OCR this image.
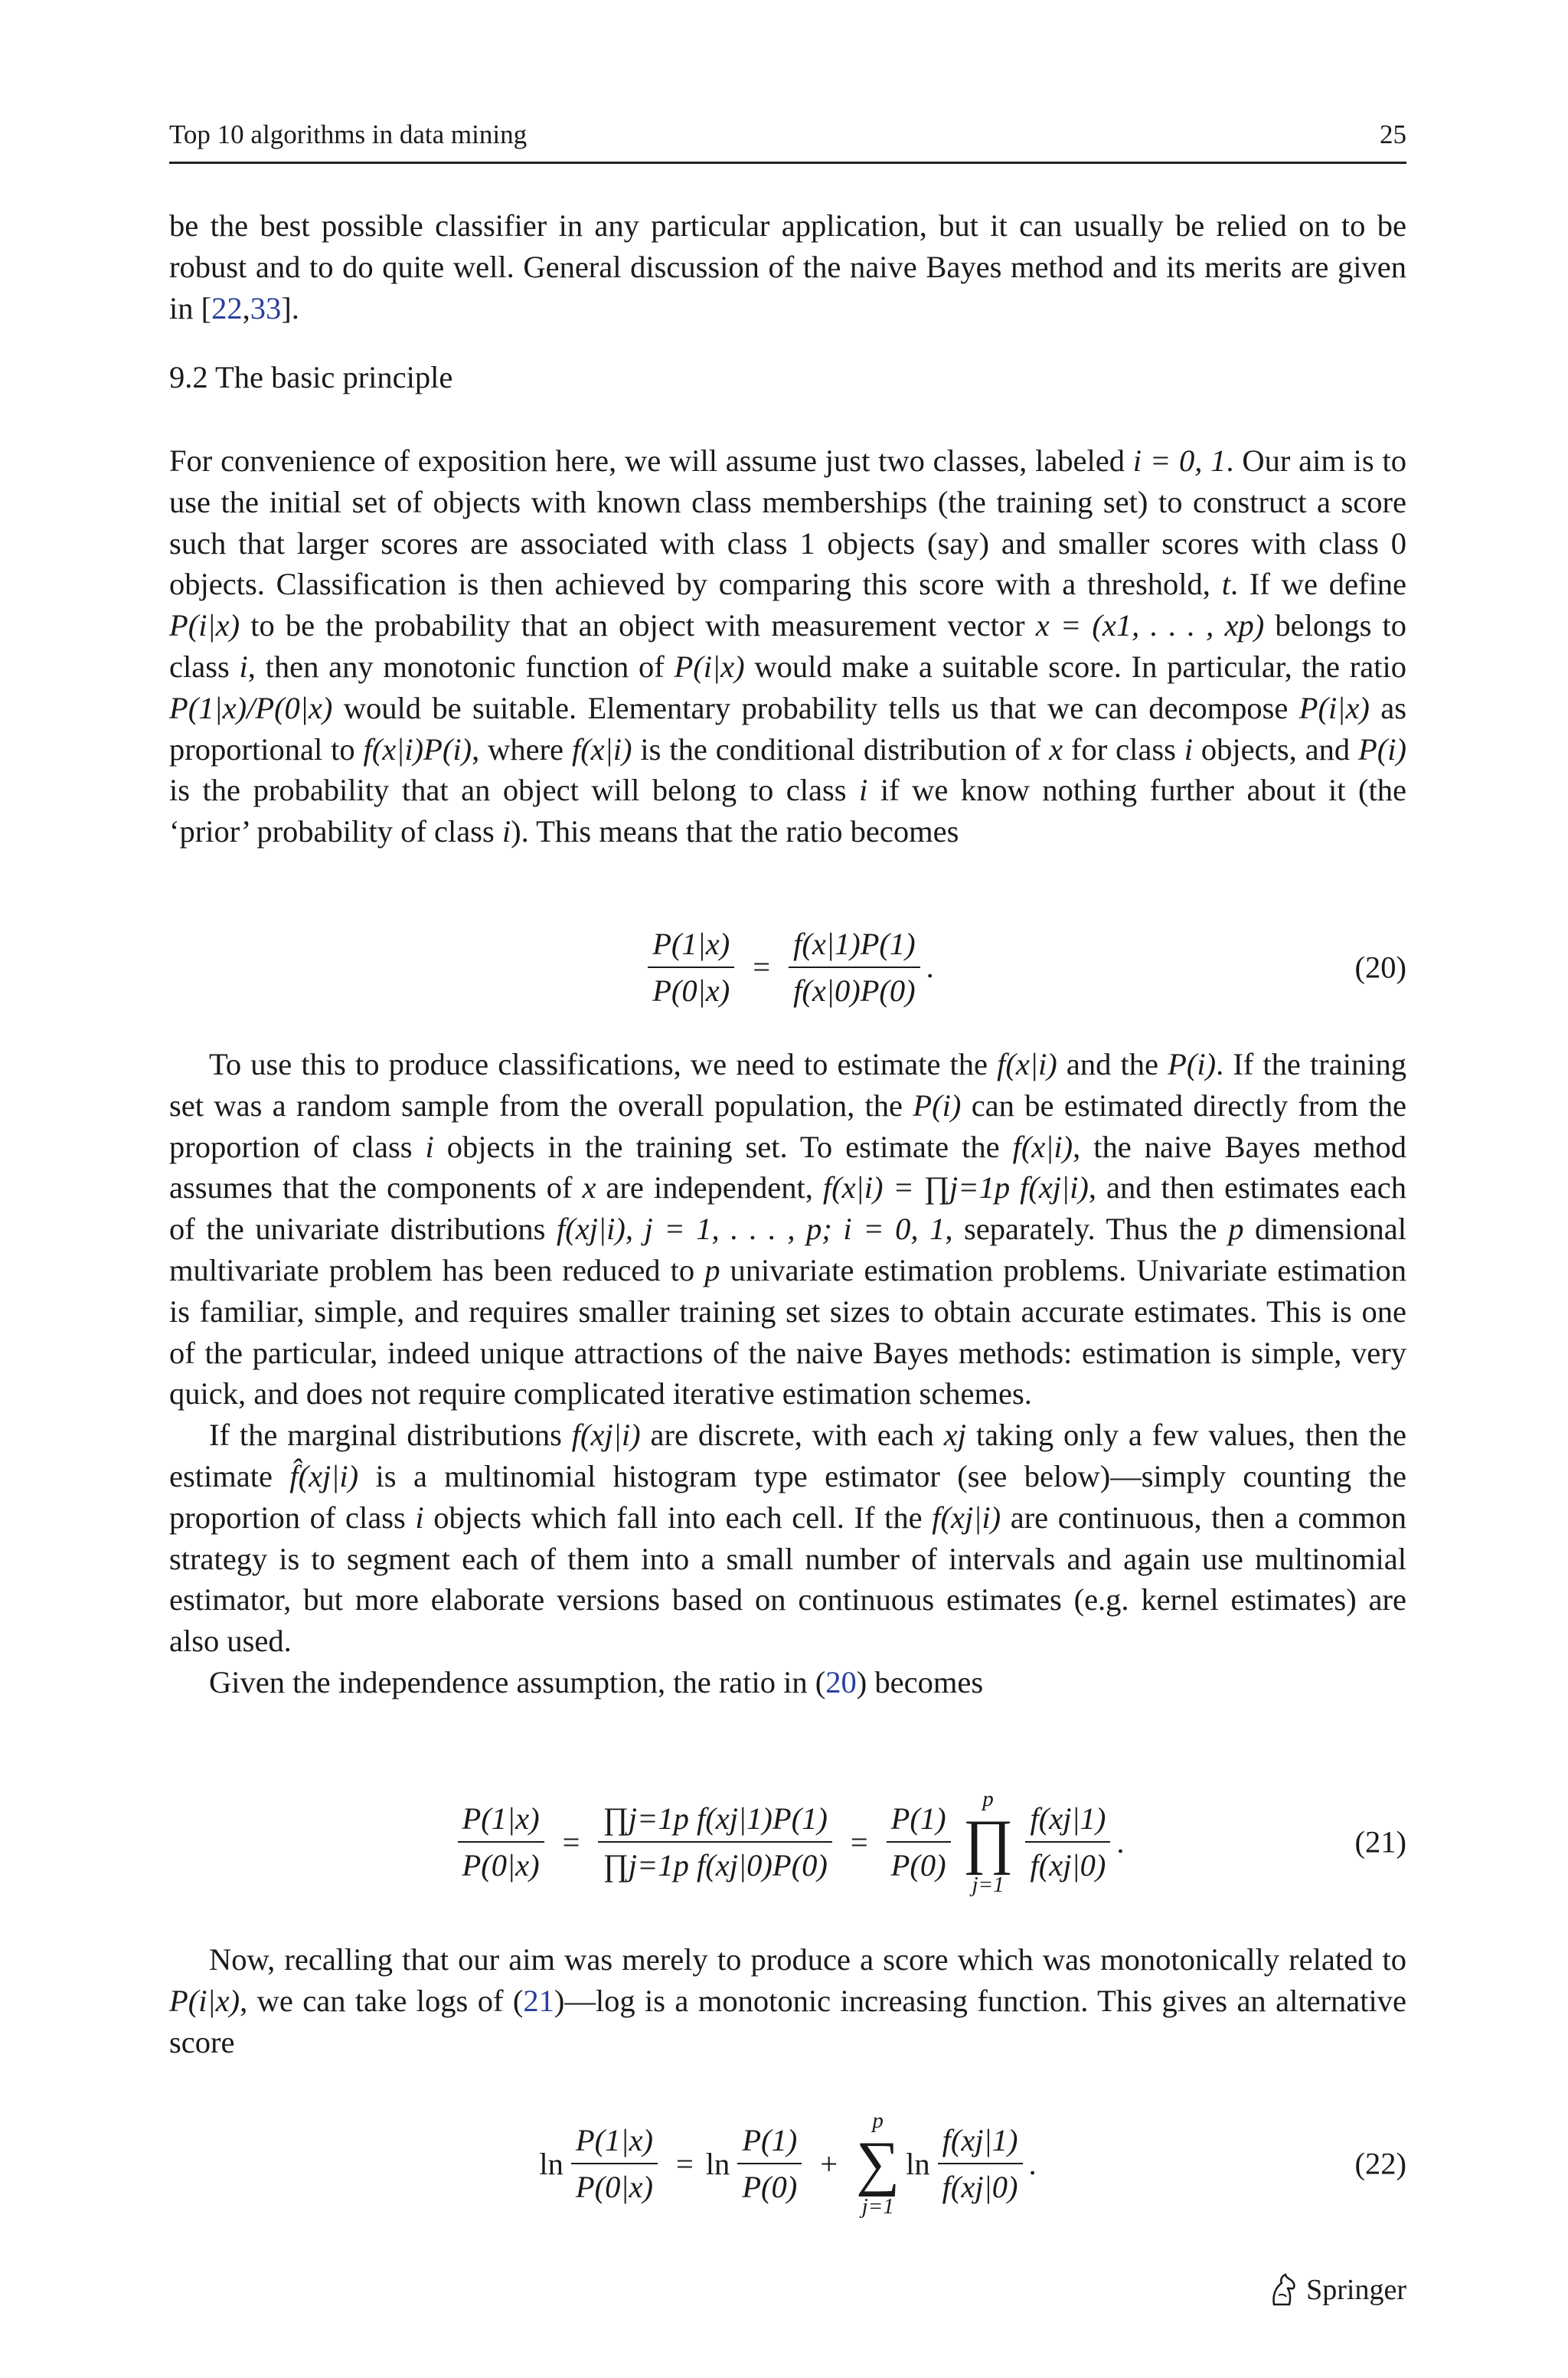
Top 10 algorithms in data mining	25

be the best possible classifier in any particular application, but it can usually be relied on to be robust and to do quite well. General discussion of the naive Bayes method and its merits are given in [22,33].

9.2 The basic principle

For convenience of exposition here, we will assume just two classes, labeled i = 0, 1. Our aim is to use the initial set of objects with known class memberships (the training set) to construct a score such that larger scores are associated with class 1 objects (say) and smaller scores with class 0 objects. Classification is then achieved by comparing this score with a threshold, t. If we define P(i|x) to be the probability that an object with measurement vector x = (x1, . . . , xp) belongs to class i, then any monotonic function of P(i|x) would make a suitable score. In particular, the ratio P(1|x)/P(0|x) would be suitable. Elementary probability tells us that we can decompose P(i|x) as proportional to f(x|i)P(i), where f(x|i) is the conditional distribution of x for class i objects, and P(i) is the probability that an object will belong to class i if we know nothing further about it (the ‘prior’ probability of class i). This means that the ratio becomes

$\frac{P(1|x)}{P(0|x)} = \frac{f(x|1)P(1)}{f(x|0)P(0)}$ .	(20)

To use this to produce classifications, we need to estimate the f(x|i) and the P(i). If the training set was a random sample from the overall population, the P(i) can be estimated directly from the proportion of class i objects in the training set. To estimate the f(x|i), the naive Bayes method assumes that the components of x are independent, f(x|i) = ∏j=1p f(xj|i), and then estimates each of the univariate distributions f(xj|i), j = 1, . . . , p; i = 0, 1, separately. Thus the p dimensional multivariate problem has been reduced to p univariate estimation problems. Univariate estimation is familiar, simple, and requires smaller training set sizes to obtain accurate estimates. This is one of the particular, indeed unique attractions of the naive Bayes methods: estimation is simple, very quick, and does not require complicated iterative estimation schemes.

If the marginal distributions f(xj|i) are discrete, with each xj taking only a few values, then the estimate f̂(xj|i) is a multinomial histogram type estimator (see below)—simply counting the proportion of class i objects which fall into each cell. If the f(xj|i) are continuous, then a common strategy is to segment each of them into a small number of intervals and again use multinomial estimator, but more elaborate versions based on continuous estimates (e.g. kernel estimates) are also used.

Given the independence assumption, the ratio in (20) becomes

$\frac{P(1|x)}{P(0|x)} = \frac{\text{∏j=1p f(xj|1)P(1)}}{\text{∏j=1p f(xj|0)P(0)}} = \frac{P(1)}{P(0)}$
p
∏
j=1
$\frac{f(xj|1)}{f(xj|0)}$ .	(21)

Now, recalling that our aim was merely to produce a score which was monotonically related to P(i|x), we can take logs of (21)—log is a monotonic increasing function. This gives an alternative score

$\ln \frac{P(1|x)}{P(0|x)} = \ln \frac{P(1)}{P(0)}$ +
p
∑
j=1
$\ln \frac{f(xj|1)}{f(xj|0)}$ .	(22)
Springer
